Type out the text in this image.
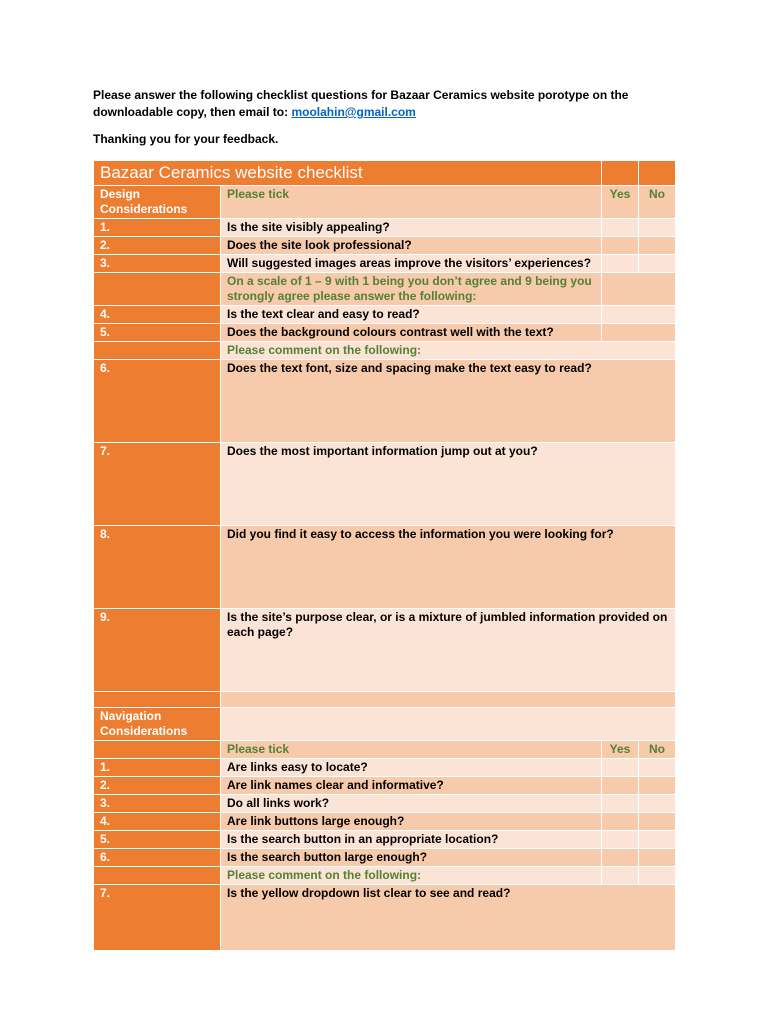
Please answer the following checklist questions for Bazaar Ceramics website porotype on the downloadable copy, then email to: moolahin@gmail.com
Thanking you for your feedback.
Bazaar Ceramics website checklist			
Design Considerations	Please tick	Yes	No
1.	Is the site visibly appealing?		
2.	Does the site look professional?		
3.	Will suggested images areas improve the visitors’ experiences?		
	On a scale of 1 – 9 with 1 being you don’t agree and 9 being you strongly agree please answer the following:		
4.	Is the text clear and easy to read?		
5.	Does the background colours contrast well with the text?		
	Please comment on the following:		
6.	Does the text font, size and spacing make the text easy to read?		
7.	Does the most important information jump out at you?		
8.	Did you find it easy to access the information you were looking for?		
9.	Is the site’s purpose clear, or is a mixture of jumbled information provided on each page?		

Navigation Considerations			
	Please tick	Yes	No
1.	Are links easy to locate?		
2.	Are link names clear and informative?		
3.	Do all links work?		
4.	Are link buttons large enough?		
5.	Is the search button in an appropriate location?		
6.	Is the search button large enough?		
	Please comment on the following:		
7.	Is the yellow dropdown list clear to see and read?		
